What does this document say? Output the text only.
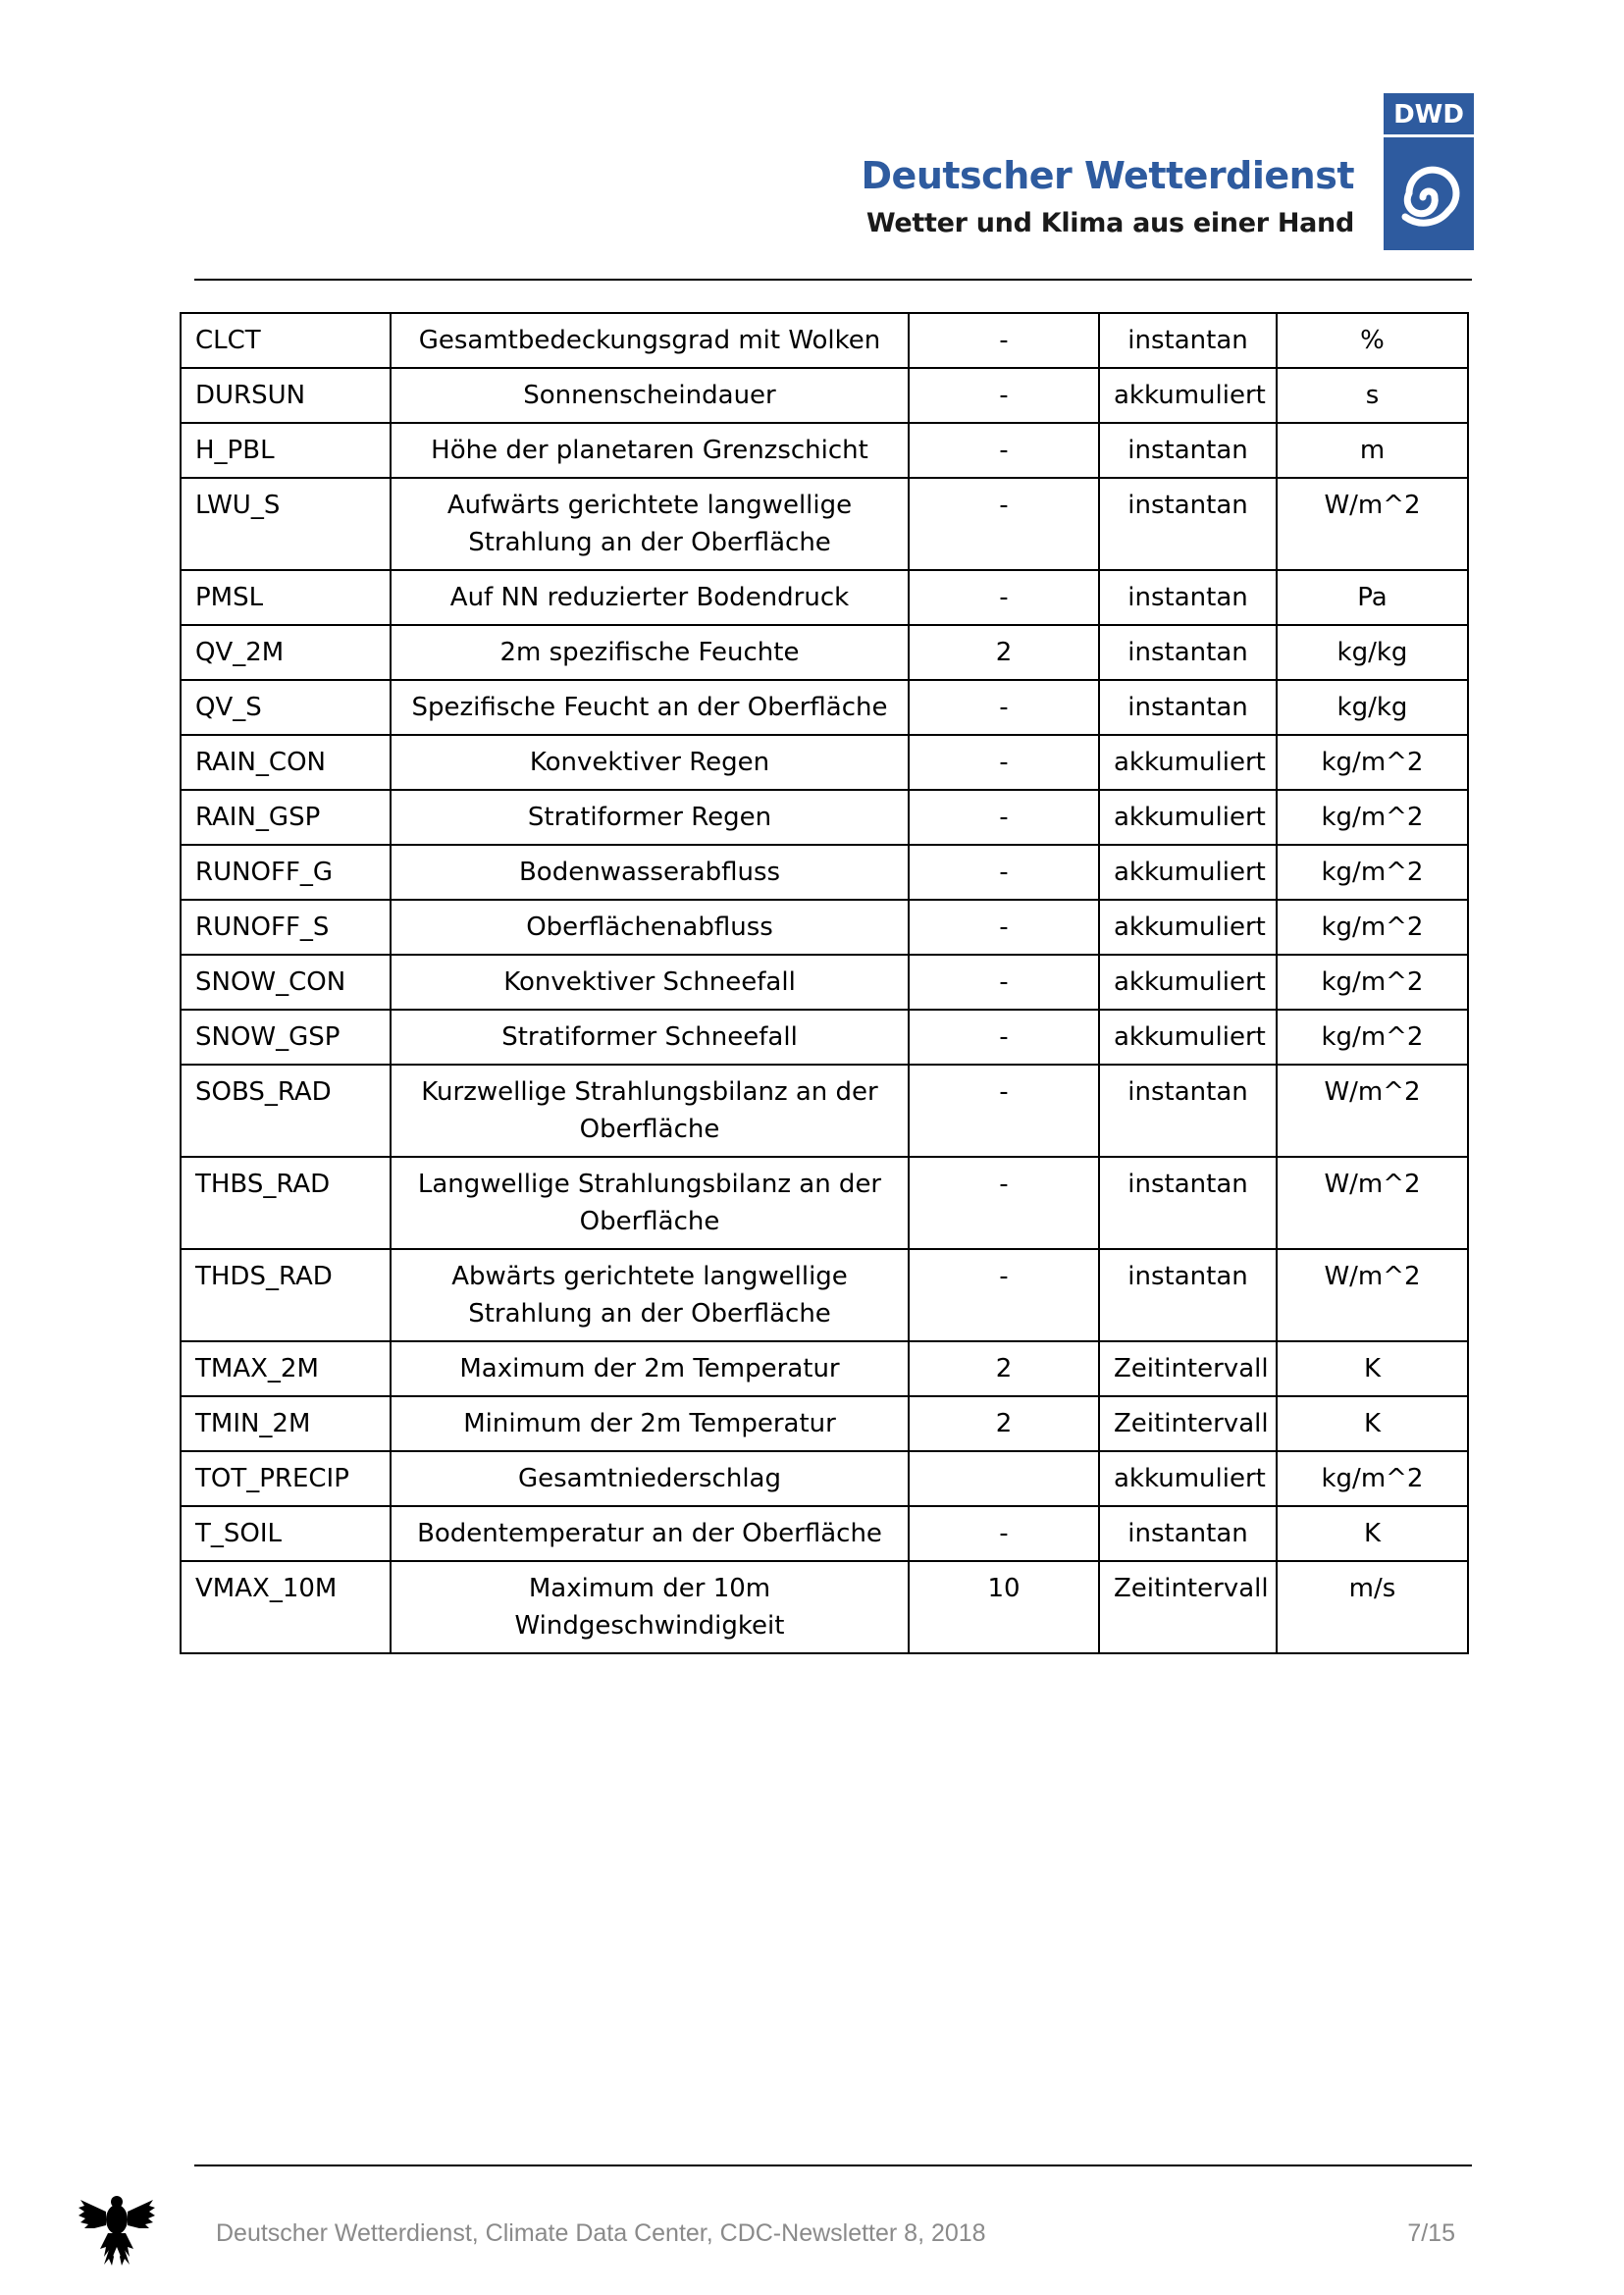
Deutscher Wetterdienst
Wetter und Klima aus einer Hand
DWD
CLCT	Gesamtbedeckungsgrad mit Wolken	-	instantan	%
DURSUN	Sonnenscheindauer	-	akkumuliert	s
H_PBL	Höhe der planetaren Grenzschicht	-	instantan	m
LWU_S	Aufwärts gerichtete langwellige
Strahlung an der Oberfläche	-	instantan	W/m^2
PMSL	Auf NN reduzierter Bodendruck	-	instantan	Pa
QV_2M	2m spezifische Feuchte	2	instantan	kg/kg
QV_S	Spezifische Feucht an der Oberfläche	-	instantan	kg/kg
RAIN_CON	Konvektiver Regen	-	akkumuliert	kg/m^2
RAIN_GSP	Stratiformer Regen	-	akkumuliert	kg/m^2
RUNOFF_G	Bodenwasserabfluss	-	akkumuliert	kg/m^2
RUNOFF_S	Oberflächenabfluss	-	akkumuliert	kg/m^2
SNOW_CON	Konvektiver Schneefall	-	akkumuliert	kg/m^2
SNOW_GSP	Stratiformer Schneefall	-	akkumuliert	kg/m^2
SOBS_RAD	Kurzwellige Strahlungsbilanz an der
Oberfläche	-	instantan	W/m^2
THBS_RAD	Langwellige Strahlungsbilanz an der
Oberfläche	-	instantan	W/m^2
THDS_RAD	Abwärts gerichtete langwellige
Strahlung an der Oberfläche	-	instantan	W/m^2
TMAX_2M	Maximum der 2m Temperatur	2	Zeitintervall	K
TMIN_2M	Minimum der 2m Temperatur	2	Zeitintervall	K
TOT_PRECIP	Gesamtniederschlag		akkumuliert	kg/m^2
T_SOIL	Bodentemperatur an der Oberfläche	-	instantan	K
VMAX_10M	Maximum der 10m
Windgeschwindigkeit	10	Zeitintervall	m/s
Deutscher Wetterdienst, Climate Data Center, CDC-Newsletter 8, 2018	7/15
